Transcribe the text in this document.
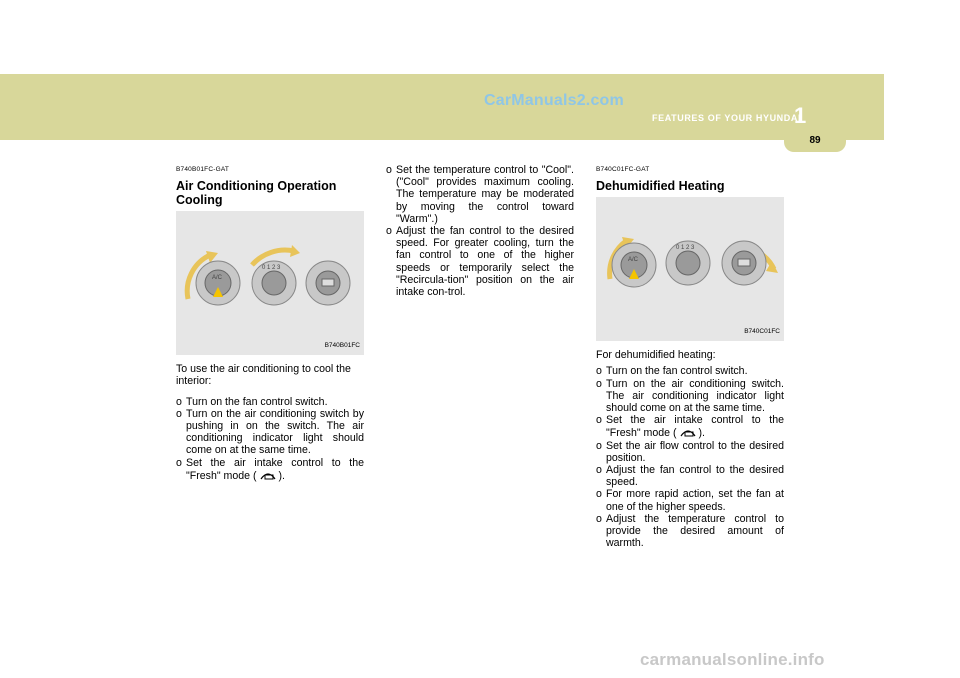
CarManuals2.com
FEATURES OF YOUR HYUNDAI
1
89
B740B01FC-GAT
Air Conditioning Operation Cooling
A/C
0 1 2 3
B740B01FC

To use the air conditioning to cool the interior:

o Turn on the fan control switch.
o Turn on the air conditioning switch by pushing in on the switch. The air conditioning indicator light should come on at the same time.
o Set the air intake control to the "Fresh" mode ( ).
o Set the temperature control to "Cool". ("Cool" provides maximum cooling. The temperature may be moderated by moving the control toward "Warm".)
o Adjust the fan control to the desired speed. For greater cooling, turn the fan control to one of the higher speeds or temporarily select the "Recircula-tion" position on the air intake con-trol.
B740C01FC-GAT
Dehumidified Heating
A/C
0 1 2 3
B740C01FC

For dehumidified heating:

o Turn on the fan control switch.
o Turn on the air conditioning switch. The air conditioning indicator light should come on at the same time.
o Set the air intake control to the "Fresh" mode ( ).
o Set the air flow control to the desired position.
o Adjust the fan control to the desired speed.
o For more rapid action, set the fan at one of the higher speeds.
o Adjust the temperature control to provide the desired amount of warmth.
carmanualsonline.info
